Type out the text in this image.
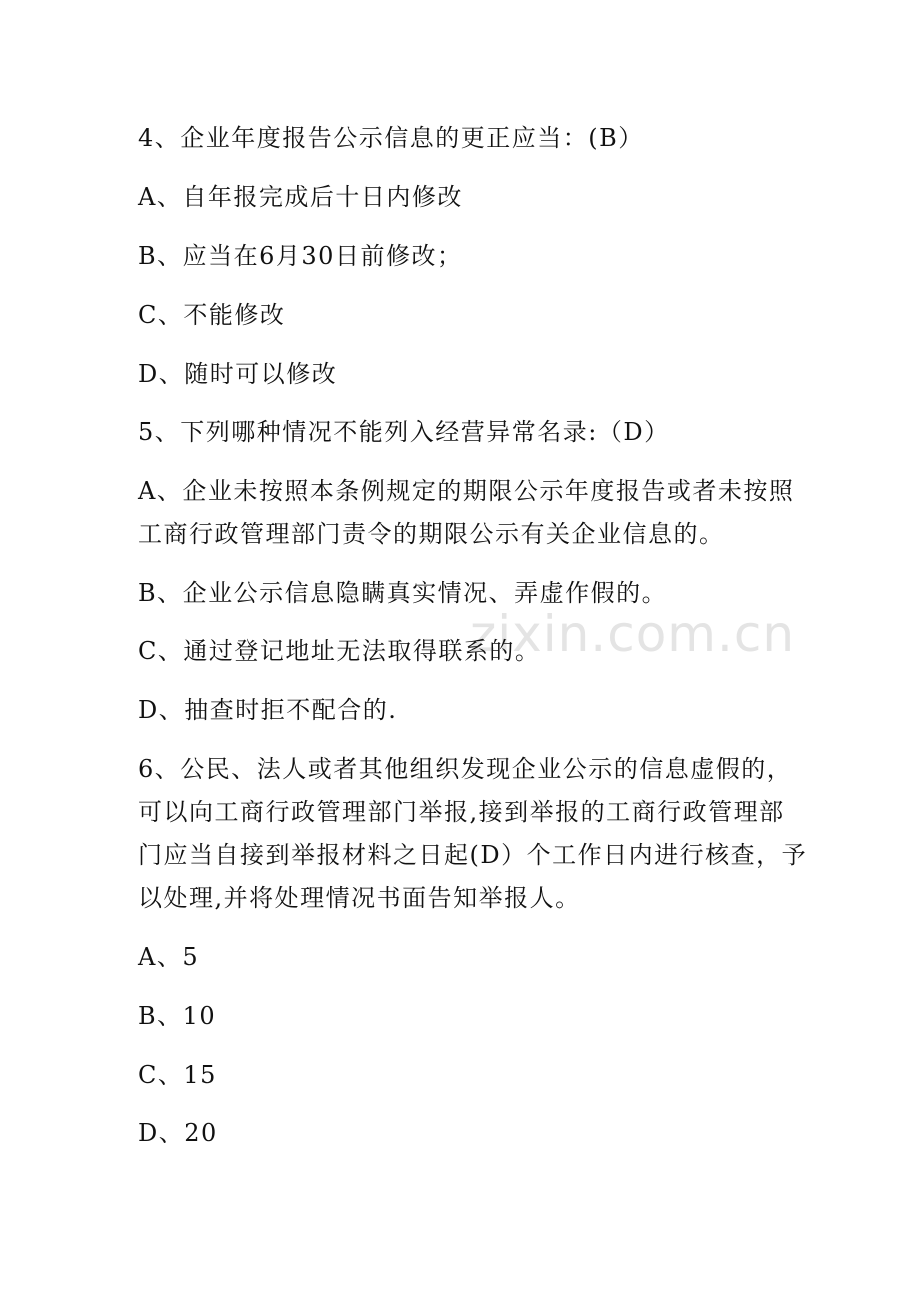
zixin.com.cn
4、企业年度报告公示信息的更正应当：(B）
A、自年报完成后十日内修改
B、应当在6月30日前修改；
C、不能修改
D、随时可以修改
5、下列哪种情况不能列入经营异常名录:（D）
A、企业未按照本条例规定的期限公示年度报告或者未按照
工商行政管理部门责令的期限公示有关企业信息的。
B、企业公示信息隐瞒真实情况、弄虚作假的。
C、通过登记地址无法取得联系的。
D、抽查时拒不配合的.
6、公民、法人或者其他组织发现企业公示的信息虚假的，
可以向工商行政管理部门举报,接到举报的工商行政管理部
门应当自接到举报材料之日起(D）个工作日内进行核查，予
以处理,并将处理情况书面告知举报人。
A、5
B、10
C、15
D、20
